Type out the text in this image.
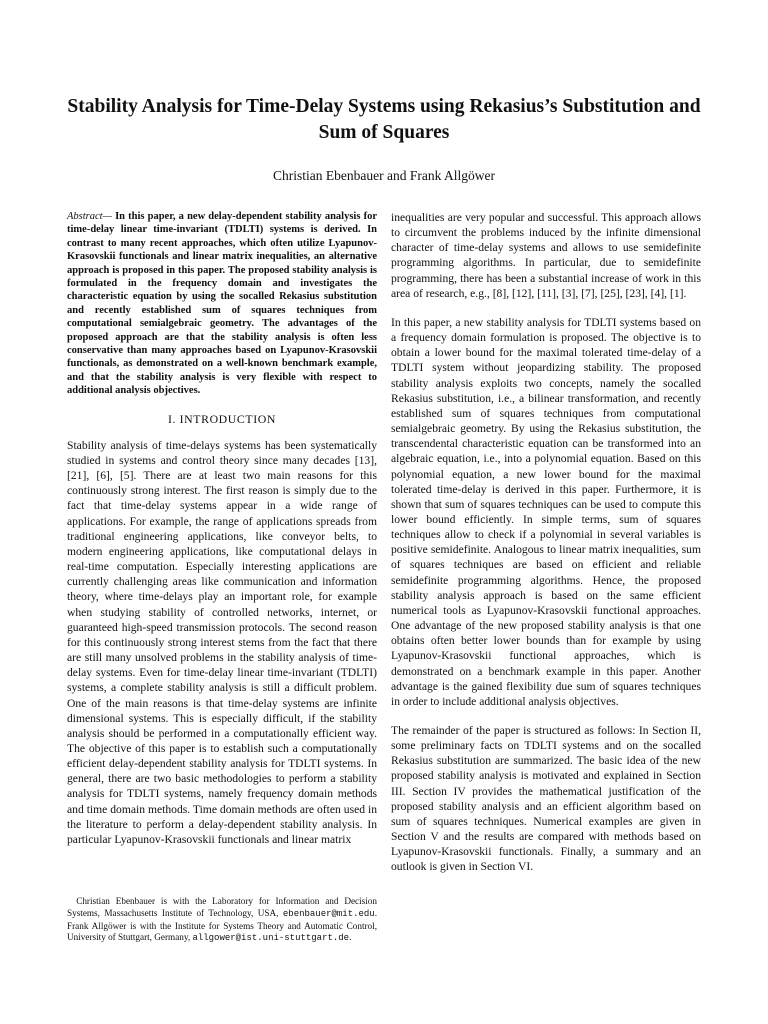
Stability Analysis for Time-Delay Systems using Rekasius’s Substitution and Sum of Squares
Christian Ebenbauer and Frank Allgöwer

Abstract— In this paper, a new delay-dependent stability analysis for time-delay linear time-invariant (TDLTI) systems is derived. In contrast to many recent approaches, which often utilize Lyapunov-Krasovskii functionals and linear matrix inequalities, an alternative approach is proposed in this paper. The proposed stability analysis is formulated in the frequency domain and investigates the characteristic equation by using the socalled Rekasius substitution and recently established sum of squares techniques from computational semialgebraic geometry. The advantages of the proposed approach are that the stability analysis is often less conservative than many approaches based on Lyapunov-Krasovskii functionals, as demonstrated on a well-known benchmark example, and that the stability analysis is very flexible with respect to additional analysis objectives.

I. INTRODUCTION

Stability analysis of time-delays systems has been systematically studied in systems and control theory since many decades [13], [21], [6], [5]. There are at least two main reasons for this continuously strong interest. The first reason is simply due to the fact that time-delay systems appear in a wide range of applications. For example, the range of applications spreads from traditional engineering applications, like conveyor belts, to modern engineering applications, like computational delays in real-time computation. Especially interesting applications are currently challenging areas like communication and information theory, where time-delays play an important role, for example when studying stability of controlled networks, internet, or guaranteed high-speed transmission protocols. The second reason for this continuously strong interest stems from the fact that there are still many unsolved problems in the stability analysis of time-delay systems. Even for time-delay linear time-invariant (TDLTI) systems, a complete stability analysis is still a difficult problem. One of the main reasons is that time-delay systems are infinite dimensional systems. This is especially difficult, if the stability analysis should be performed in a computationally efficient way. The objective of this paper is to establish such a computationally efficient delay-dependent stability analysis for TDLTI systems. In general, there are two basic methodologies to perform a stability analysis for TDLTI systems, namely frequency domain methods and time domain methods. Time domain methods are often used in the literature to perform a delay-dependent stability analysis. In particular Lyapunov-Krasovskii functionals and linear matrix

 Christian Ebenbauer is with the Laboratory for Information and Decision Systems, Massachusetts Institute of Technology, USA, ebenbauer@mit.edu. Frank Allgöwer is with the Institute for Systems Theory and Automatic Control, University of Stuttgart, Germany, allgower@ist.uni-stuttgart.de.

inequalities are very popular and successful. This approach allows to circumvent the problems induced by the infinite dimensional character of time-delay systems and allows to use semidefinite programming algorithms. In particular, due to semidefinite programming, there has been a substantial increase of work in this area of research, e.g., [8], [12], [11], [3], [7], [25], [23], [4], [1].

In this paper, a new stability analysis for TDLTI systems based on a frequency domain formulation is proposed. The objective is to obtain a lower bound for the maximal tolerated time-delay of a TDLTI system without jeopardizing stability. The proposed stability analysis exploits two concepts, namely the socalled Rekasius substitution, i.e., a bilinear transformation, and recently established sum of squares techniques from computational semialgebraic geometry. By using the Rekasius substitution, the transcendental characteristic equation can be transformed into an algebraic equation, i.e., into a polynomial equation. Based on this polynomial equation, a new lower bound for the maximal tolerated time-delay is derived in this paper. Furthermore, it is shown that sum of squares techniques can be used to compute this lower bound efficiently. In simple terms, sum of squares techniques allow to check if a polynomial in several variables is positive semidefinite. Analogous to linear matrix inequalities, sum of squares techniques are based on efficient and reliable semidefinite programming algorithms. Hence, the proposed stability analysis approach is based on the same efficient numerical tools as Lyapunov-Krasovskii functional approaches. One advantage of the new proposed stability analysis is that one obtains often better lower bounds than for example by using Lyapunov-Krasovskii functional approaches, which is demonstrated on a benchmark example in this paper. Another advantage is the gained flexibility due sum of squares techniques in order to include additional analysis objectives.

The remainder of the paper is structured as follows: In Section II, some preliminary facts on TDLTI systems and on the socalled Rekasius substitution are summarized. The basic idea of the new proposed stability analysis is motivated and explained in Section III. Section IV provides the mathematical justification of the proposed stability analysis and an efficient algorithm based on sum of squares techniques. Numerical examples are given in Section V and the results are compared with methods based on Lyapunov-Krasovskii functionals. Finally, a summary and an outlook is given in Section VI.
